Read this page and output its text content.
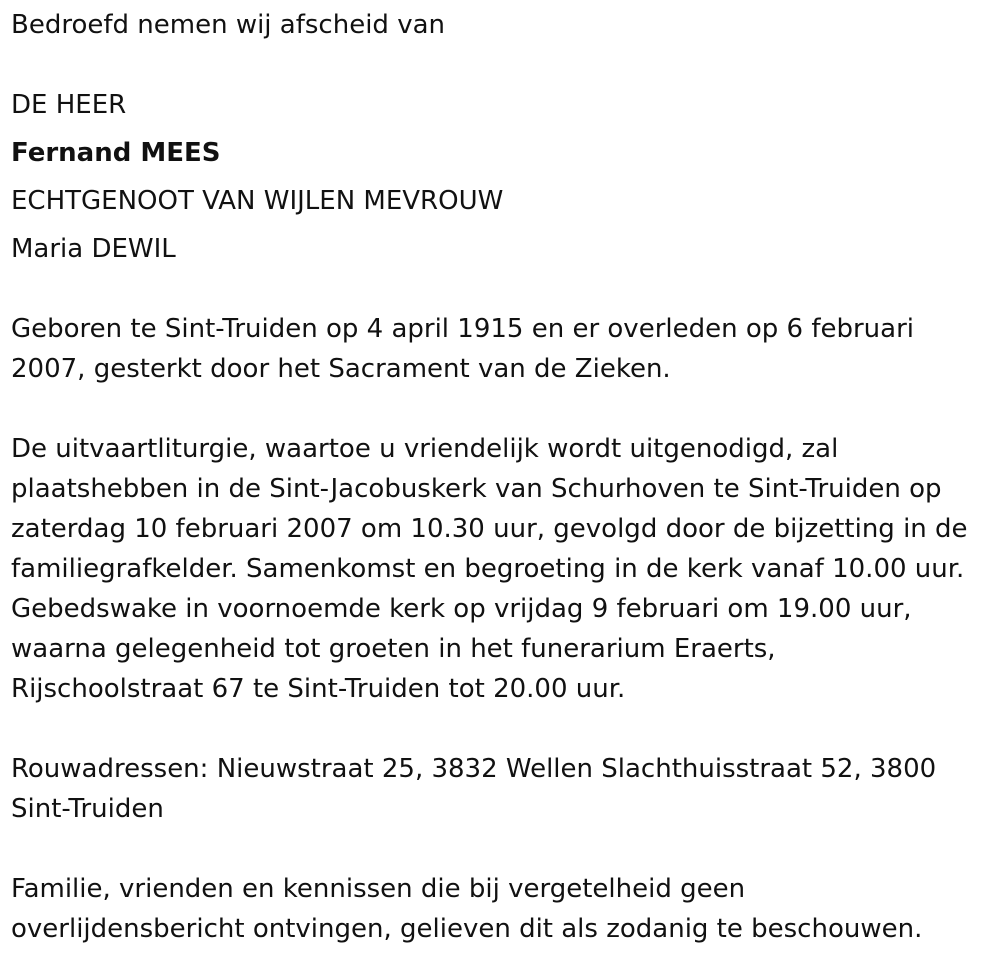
Bedroefd nemen wij afscheid van
DE HEER
Fernand MEES
ECHTGENOOT VAN WIJLEN MEVROUW
Maria DEWIL
Geboren te Sint-Truiden op 4 april 1915 en er overleden op 6 februari
2007, gesterkt door het Sacrament van de Zieken.
De uitvaartliturgie, waartoe u vriendelijk wordt uitgenodigd, zal
plaatshebben in de Sint-Jacobuskerk van Schurhoven te Sint-Truiden op
zaterdag 10 februari 2007 om 10.30 uur, gevolgd door de bijzetting in de
familiegrafkelder. Samenkomst en begroeting in de kerk vanaf 10.00 uur.
Gebedswake in voornoemde kerk op vrijdag 9 februari om 19.00 uur,
waarna gelegenheid tot groeten in het funerarium Eraerts,
Rijschoolstraat 67 te Sint-Truiden tot 20.00 uur.
Rouwadressen: Nieuwstraat 25, 3832 Wellen Slachthuisstraat 52, 3800
Sint-Truiden
Familie, vrienden en kennissen die bij vergetelheid geen
overlijdensbericht ontvingen, gelieven dit als zodanig te beschouwen.
